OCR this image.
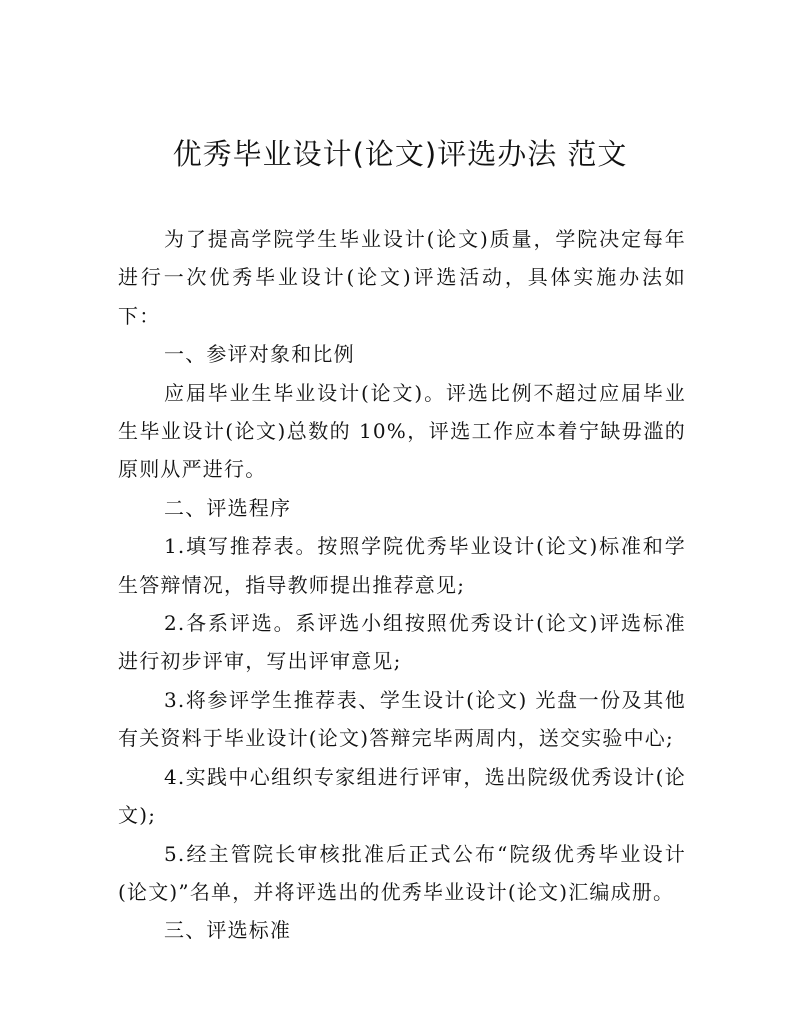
优秀毕业设计(论文)评选办法 范文

为了提高学院学生毕业设计(论文)质量，学院决定每年进行一次优秀毕业设计(论文)评选活动，具体实施办法如下：

一、参评对象和比例

应届毕业生毕业设计(论文)。评选比例不超过应届毕业生毕业设计(论文)总数的 10%，评选工作应本着宁缺毋滥的原则从严进行。

二、评选程序

1.填写推荐表。按照学院优秀毕业设计(论文)标准和学生答辩情况，指导教师提出推荐意见;

2.各系评选。系评选小组按照优秀设计(论文)评选标准进行初步评审，写出评审意见;

3.将参评学生推荐表、学生设计(论文) 光盘一份及其他有关资料于毕业设计(论文)答辩完毕两周内，送交实验中心;

4.实践中心组织专家组进行评审，选出院级优秀设计(论文);

5.经主管院长审核批准后正式公布“院级优秀毕业设计(论文)”名单，并将评选出的优秀毕业设计(论文)汇编成册。

三、评选标准
